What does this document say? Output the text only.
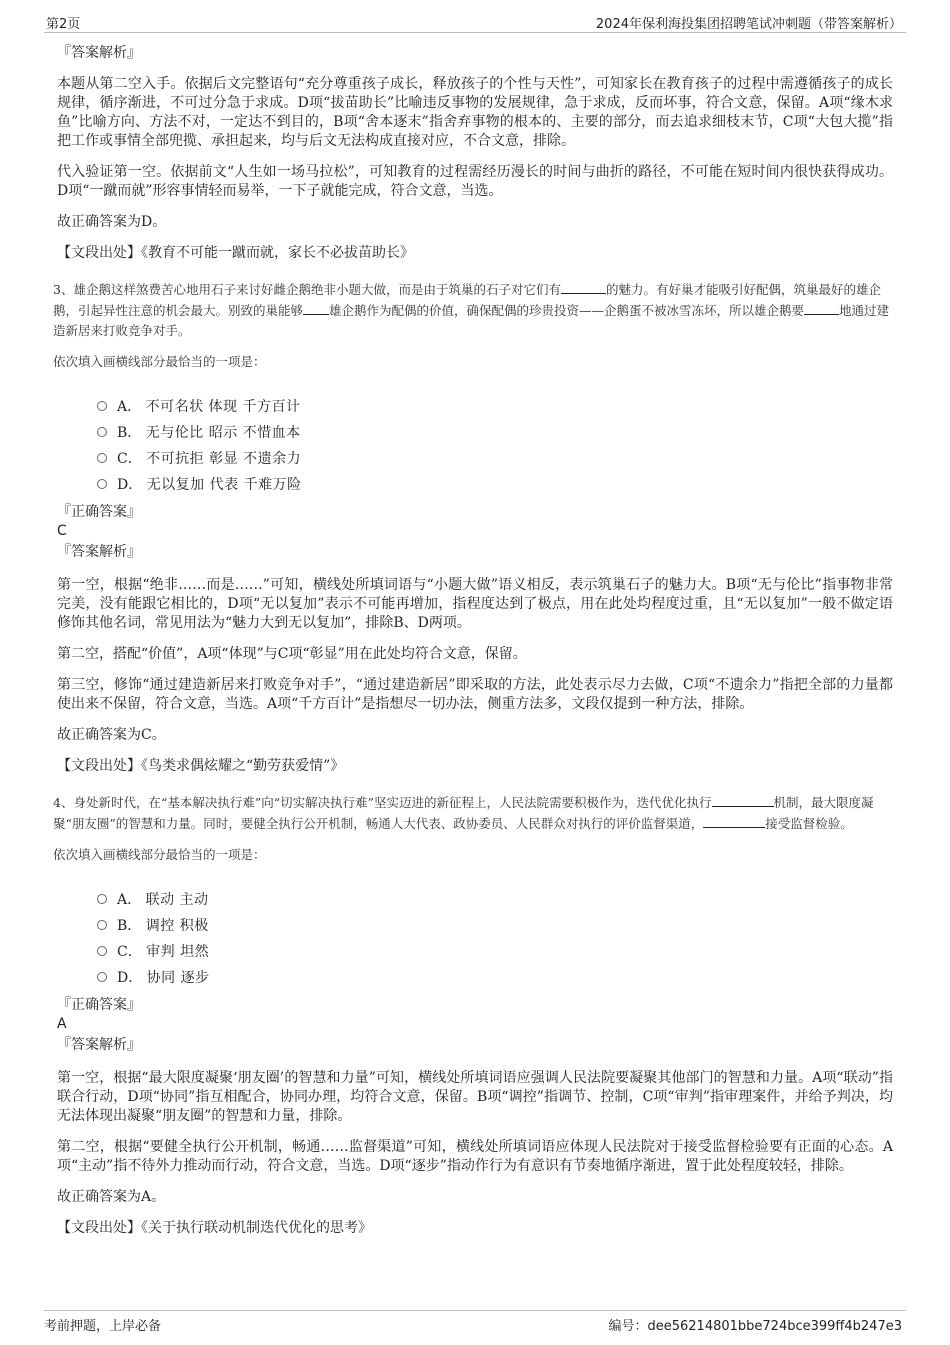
第2页	2024年保利海投集团招聘笔试冲刺题（带答案解析）

『答案解析』

本题从第二空入手。依据后文完整语句“充分尊重孩子成长，释放孩子的个性与天性”，可知家长在教育孩子的过程中需遵循孩子的成长规律，循序渐进，不可过分急于求成。D项“拔苗助长”比喻违反事物的发展规律，急于求成，反而坏事，符合文意，保留。A项“缘木求鱼”比喻方向、方法不对，一定达不到目的，B项“舍本逐末”指舍弃事物的根本的、主要的部分，而去追求细枝末节，C项“大包大揽”指把工作或事情全部兜揽、承担起来，均与后文无法构成直接对应，不合文意，排除。

代入验证第一空。依据前文“人生如一场马拉松”，可知教育的过程需经历漫长的时间与曲折的路径，不可能在短时间内很快获得成功。D项“一蹴而就”形容事情轻而易举，一下子就能完成，符合文意，当选。

故正确答案为D。

【文段出处】《教育不可能一蹴而就，家长不必拔苗助长》

3、雄企鹅这样煞费苦心地用石子来讨好雌企鹅绝非小题大做，而是由于筑巢的石子对它们有	的魅力。有好巢才能吸引好配偶，筑巢最好的雄企鹅，引起异性注意的机会最大。别致的巢能够 雄企鹅作为配偶的价值，确保配偶的珍贵投资——企鹅蛋不被冰雪冻坏，所以雄企鹅要	地通过建造新居来打败竞争对手。

依次填入画横线部分最恰当的一项是：

A．
不可名状 体现 千方百计
B．
无与伦比 昭示 不惜血本
C．
不可抗拒 彰显 不遗余力
D．
无以复加 代表 千难万险

『正确答案』

C

『答案解析』

第一空，根据“绝非……而是……”可知，横线处所填词语与“小题大做”语义相反，表示筑巢石子的魅力大。B项“无与伦比”指事物非常完美，没有能跟它相比的，D项“无以复加”表示不可能再增加，指程度达到了极点，用在此处均程度过重，且“无以复加”一般不做定语修饰其他名词，常见用法为“魅力大到无以复加”，排除B、D两项。

第二空，搭配“价值”，A项“体现”与C项“彰显”用在此处均符合文意，保留。

第三空，修饰“通过建造新居来打败竞争对手”，“通过建造新居”即采取的方法，此处表示尽力去做，C项“不遗余力”指把全部的力量都使出来不保留，符合文意，当选。A项“千方百计”是指想尽一切办法，侧重方法多，文段仅提到一种方法，排除。

故正确答案为C。

【文段出处】《鸟类求偶炫耀之“勤劳获爱情”》

4、身处新时代，在“基本解决执行难”向“切实解决执行难”坚实迈进的新征程上，人民法院需要积极作为，迭代优化执行	机制，最大限度凝聚“朋友圈”的智慧和力量。同时，要健全执行公开机制，畅通人大代表、政协委员、人民群众对执行的评价监督渠道，	接受监督检验。

依次填入画横线部分最恰当的一项是：

A．
联动 主动
B．
调控 积极
C．
审判 坦然
D．
协同 逐步

『正确答案』

A

『答案解析』

第一空，根据“最大限度凝聚‘朋友圈’的智慧和力量”可知，横线处所填词语应强调人民法院要凝聚其他部门的智慧和力量。A项“联动”指联合行动，D项“协同”指互相配合，协同办理，均符合文意，保留。B项“调控”指调节、控制，C项“审判”指审理案件，并给予判决，均无法体现出凝聚“朋友圈”的智慧和力量，排除。

第二空，根据“要健全执行公开机制，畅通……监督渠道”可知，横线处所填词语应体现人民法院对于接受监督检验要有正面的心态。A项“主动”指不待外力推动而行动，符合文意，当选。D项“逐步”指动作行为有意识有节奏地循序渐进，置于此处程度较轻，排除。

故正确答案为A。

【文段出处】《关于执行联动机制迭代优化的思考》

考前押题，上岸必备	编号：dee56214801bbe724bce399ff4b247e3
